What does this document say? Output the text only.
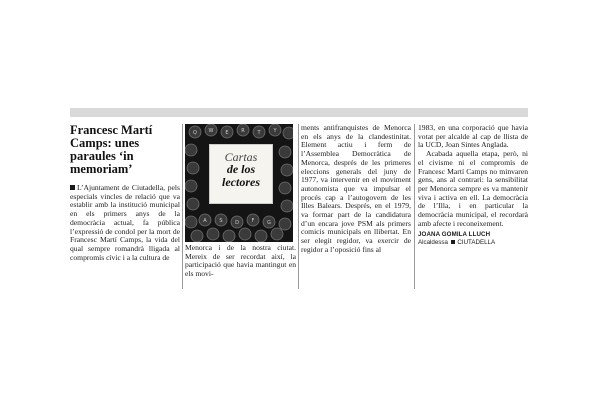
Francesc Martí Camps: unes paraules ‘in memoriam’

L’Ajuntament de Ciutadella, pels especials vincles de relació que va establir amb la institució municipal en els primers anys de la democràcia actual, fa pública l’expressió de condol per la mort de Francesc Martí Camps, la vida del qual sempre romandrà lligada al compromís cívic i a la cultura de

Q W E	R	T	Y
A	S D	F	G
Cartas
de los
lectores

Menorca i de la nostra ciutat. Mereix de ser recordat així, la participació que havia mantingut en els movi-

ments antifranquistes de Menorca en els anys de la clandestinitat. Element actiu i ferm de l’Assemblea Democràtica de Menorca, després de les primeres eleccions generals del juny de 1977, va intervenir en el moviment autonomista que va impulsar el procés cap a l’autogovern de les Illes Balears. Després, en el 1979, va formar part de la candidatura d’un encara jove PSM als primers comicis municipals en llibertat. En ser elegit regidor, va exercir de regidor a l’oposició fins al

1983, en una corporació que havia votat per alcalde al cap de llista de la UCD, Joan Sintes Anglada.

Acabada aquella etapa, però, ni el civisme ni el compromís de Francesc Martí Camps no minvaren gens, ans al contrari: la sensibilitat per Menorca sempre es va mantenir viva i activa en ell. La democràcia de l’Illa, i en particular la democràcia municipal, el recordarà amb afecte i reconeixement.

JOANA GOMILA LLUCH
Alcaldessa CIUTADELLA
